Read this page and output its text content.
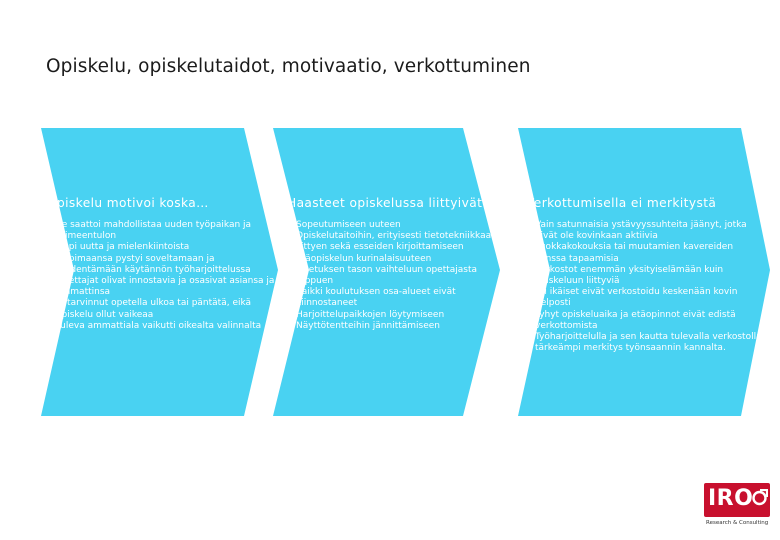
Opiskelu, opiskelutaidot, motivaatio, verkottuminen
Opiskelu motivoi koska…
• Se saattoi mahdollistaa uuden työpaikan ja toimeentulon
• Oppi uutta ja mielenkiintoista
• Oppimaansa pystyi soveltamaan ja täydentämään käytännön työharjoittelussa
• Opettajat olivat innostavia ja osasivat asiansa ja ammattinsa
• Ei tarvinnut opetella ulkoa tai päntätä, eikä opiskelu ollut vaikeaa
• Tuleva ammattiala vaikutti oikealta valinnalta
Haasteet opiskelussa liittyivät …
• Sopeutumiseen uuteen
• Opiskelutaitoihin, erityisesti tietotekniikkaan liittyen sekä esseiden kirjoittamiseen
• Etäopiskelun kurinalaisuuteen
• Opetuksen tason vaihteluun opettajasta riippuen
• Kaikki koulutuksen osa-alueet eivät kiinnostaneet
• Harjoittelupaikkojen löytymiseen
• Näyttötentteihin jännittämiseen
Verkottumisella ei merkitystä
• Vain satunnaisia ystävyyssuhteita jäänyt, jotka eivät ole kovinkaan aktiivia
• Luokkakokouksia tai muutamien kavereiden kanssa tapaamisia
• Verkostot enemmän yksityiselämään kuin opiskeluun liittyviä
• Eri ikäiset eivät verkostoidu keskenään kovin helposti
• Lyhyt opiskeluaika ja etäopinnot eivät edistä verkottomista
• Työharjoittelulla ja sen kautta tulevalla verkostolla tärkeämpi merkitys työnsaannin kannalta.
IRO
Research & Consulting
